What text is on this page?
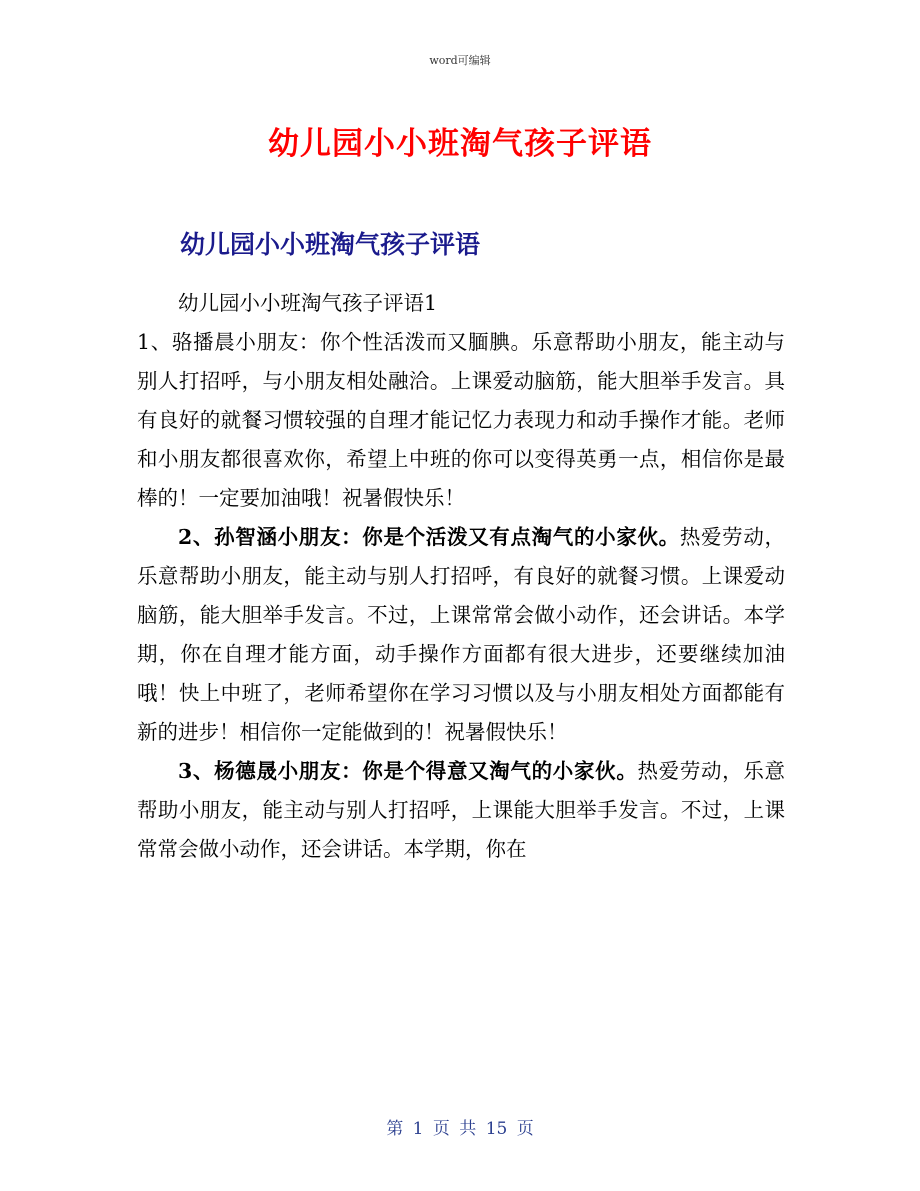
word可编辑
幼儿园小小班淘气孩子评语
幼儿园小小班淘气孩子评语

幼儿园小小班淘气孩子评语1

1、骆播晨小朋友：你个性活泼而又腼腆。乐意帮助小朋友，能主动与别人打招呼，与小朋友相处融洽。上课爱动脑筋，能大胆举手发言。具有良好的就餐习惯较强的自理才能记忆力表现力和动手操作才能。老师和小朋友都很喜欢你，希望上中班的你可以变得英勇一点，相信你是最棒的！一定要加油哦！祝暑假快乐！

2、孙智涵小朋友：你是个活泼又有点淘气的小家伙。热爱劳动，乐意帮助小朋友，能主动与别人打招呼，有良好的就餐习惯。上课爱动脑筋，能大胆举手发言。不过，上课常常会做小动作，还会讲话。本学期，你在自理才能方面，动手操作方面都有很大进步，还要继续加油哦！快上中班了，老师希望你在学习习惯以及与小朋友相处方面都能有新的进步！相信你一定能做到的！祝暑假快乐！

3、杨德晟小朋友：你是个得意又淘气的小家伙。热爱劳动，乐意帮助小朋友，能主动与别人打招呼，上课能大胆举手发言。不过，上课常常会做小动作，还会讲话。本学期，你在

第 1 页 共 15 页
